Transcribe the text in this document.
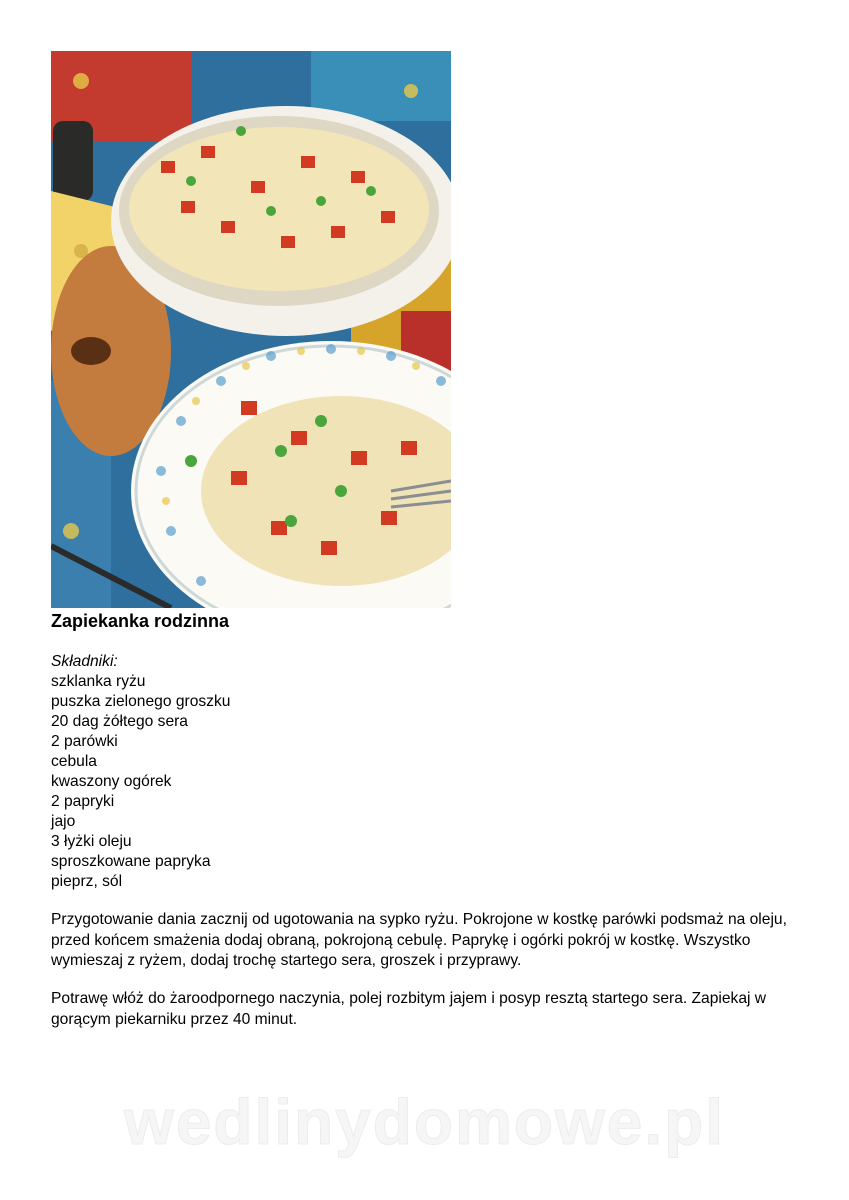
Zapiekanka rodzinna
Składniki:
szklanka ryżu
puszka zielonego groszku
20 dag żółtego sera
2 parówki
cebula
kwaszony ogórek
2 papryki
jajo
3 łyżki oleju
sproszkowane papryka
pieprz, sól

Przygotowanie dania zacznij od ugotowania na sypko ryżu. Pokrojone w kostkę parówki podsmaż na oleju, przed końcem smażenia dodaj obraną, pokrojoną cebulę. Paprykę i ogórki pokrój w kostkę. Wszystko wymieszaj z ryżem, dodaj trochę startego sera, groszek i przyprawy.

Potrawę włóż do żaroodpornego naczynia, polej rozbitym jajem i posyp resztą startego sera. Zapiekaj w gorącym piekarniku przez 40 minut.

wedlinydomowe.pl
